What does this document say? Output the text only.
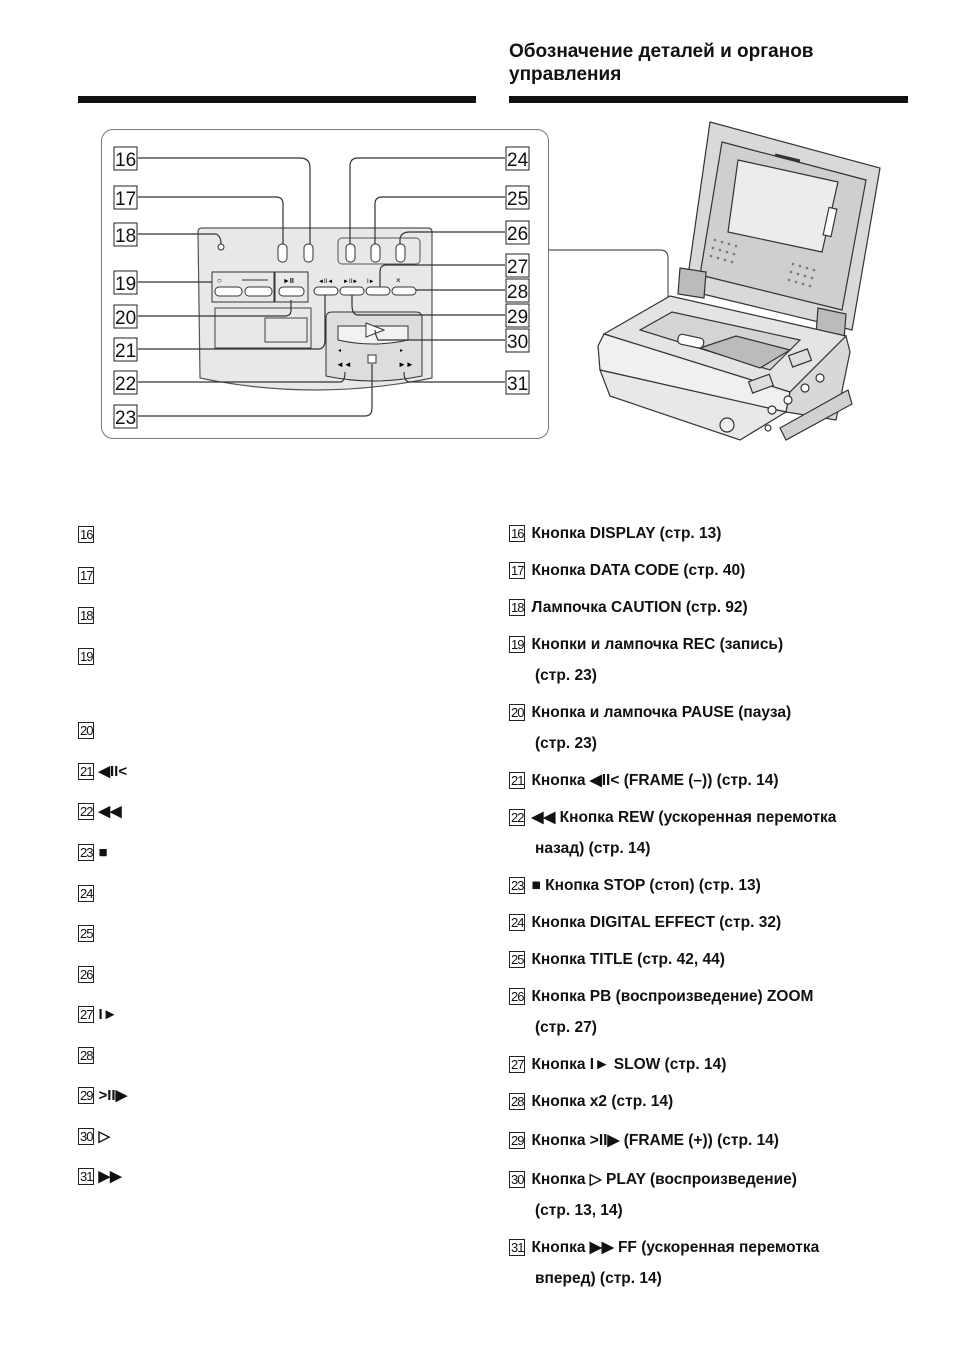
Обозначение деталей и органов
управления
○	►II	◄II◄ ►II► I►	×
◂	▸
◄◄	►►
16
17
18
19
20
21
22
23
24
25
26
27
28
29
30
31
16
17
18
19
20
21 ◀II<
22 ◀◀
23 ■
24
25
26
27 I►
28
29 >II▶
30 ▷
31 ▶▶
16 Кнопка DISPLAY (стр. 13)
17 Кнопка DATA CODE (стр. 40)
18 Лампочка CAUTION (стр. 92)
19 Кнопки и лампочка REC (запись)
(стр. 23)
20 Кнопка и лампочка PAUSE (пауза)
(стр. 23)
21 Кнопка ◀II< (FRAME (–)) (стр. 14)
22 ◀◀ Кнопка REW (ускоренная перемотка
назад) (стр. 14)
23 ■ Кнопка STOP (стоп) (стр. 13)
24 Кнопка DIGITAL EFFECT (стр. 32)
25 Кнопка TITLE (стр. 42, 44)
26 Кнопка PB (воспроизведение) ZOOM
(стр. 27)
27 Кнопка I► SLOW (стр. 14)
28 Кнопка x2 (стр. 14)
29 Кнопка >II▶ (FRAME (+)) (стр. 14)
30 Кнопка ▷ PLAY (воспроизведение)
(стр. 13, 14)
31 Кнопка ▶▶ FF (ускоренная перемотка
вперед) (стр. 14)
